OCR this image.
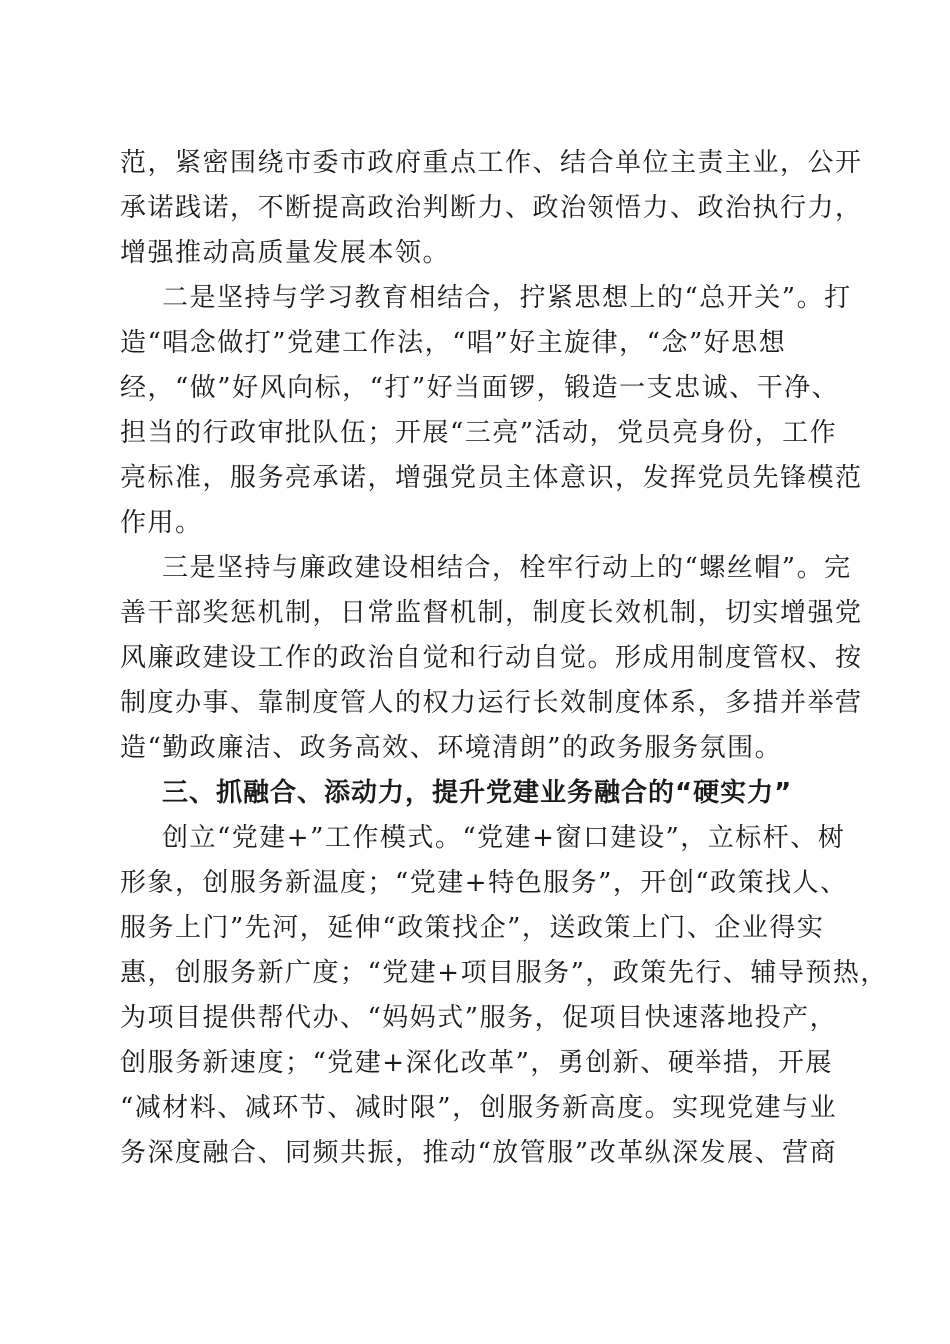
范，紧密围绕市委市政府重点工作、结合单位主责主业，公开
承诺践诺，不断提高政治判断力、政治领悟力、政治执行力，
增强推动高质量发展本领。
二是坚持与学习教育相结合，拧紧思想上的“总开关”。打
造“唱念做打”党建工作法，“唱”好主旋律，“念”好思想
经，“做”好风向标，“打”好当面锣，锻造一支忠诚、干净、
担当的行政审批队伍；开展“三亮”活动，党员亮身份，工作
亮标准，服务亮承诺，增强党员主体意识，发挥党员先锋模范
作用。
三是坚持与廉政建设相结合，栓牢行动上的“螺丝帽”。完
善干部奖惩机制，日常监督机制，制度长效机制，切实增强党
风廉政建设工作的政治自觉和行动自觉。形成用制度管权、按
制度办事、靠制度管人的权力运行长效制度体系，多措并举营
造“勤政廉洁、政务高效、环境清朗”的政务服务氛围。
三、抓融合、添动力，提升党建业务融合的“硬实力”
创立“党建+”工作模式。“党建+窗口建设”，立标杆、树
形象，创服务新温度；“党建+特色服务”，开创“政策找人、
服务上门”先河，延伸“政策找企”，送政策上门、企业得实
惠，创服务新广度；“党建+项目服务”，政策先行、辅导预热，
为项目提供帮代办、“妈妈式”服务，促项目快速落地投产，
创服务新速度；“党建+深化改革”，勇创新、硬举措，开展
“减材料、减环节、减时限”，创服务新高度。实现党建与业
务深度融合、同频共振，推动“放管服”改革纵深发展、营商
